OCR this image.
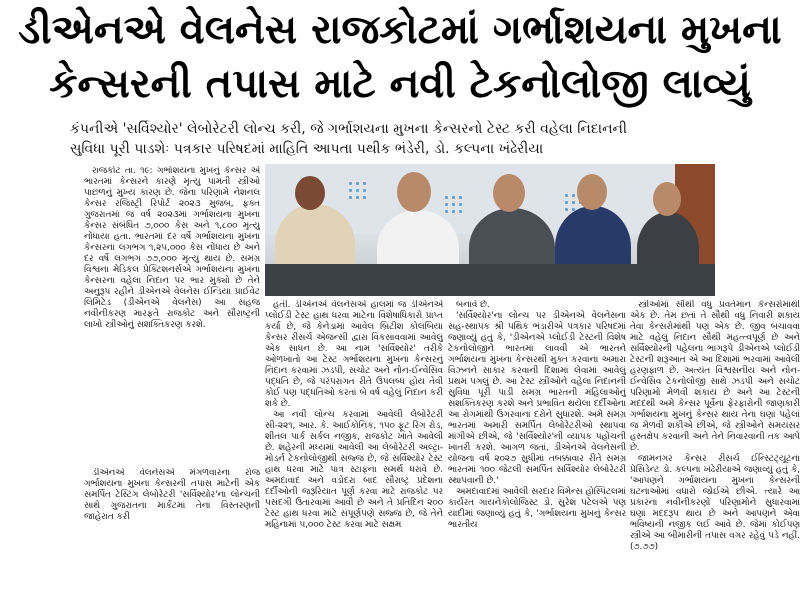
ડીએનએ વેલનેસ રાજકોટમાં ગર્ભાશયના મુખના
કેન્સરની તપાસ માટે નવી ટેકનોલોજી લાવ્યું
કંપનીએ 'સર્વિશ્યોર' લેબોરેટરી લોન્ચ કરી, જે ગર્ભાશયના મુખના કેન્સરનો ટેસ્ટ કરી વહેલા નિદાનની
સુવિધા પૂરી પાડશેઃ પત્રકાર પરિષદમાં માહિતિ આપતા પથીક ભંડેરી, ડો. કલ્પના ખંઢેરીયા

રાજકોટ તા. ૧૯: ગર્ભાશયના મુખનું કેન્સર એ ભારતમાં કેન્સરને કારણે મૃત્યુ પામતી સ્ત્રીઓ પાછળનું મુખ્ય કારણ છે. જેના પરિણામે નેશનલ કેન્સર રજિસ્ટ્રી રિપોર્ટ ૨૦૨૩ મુજબ, ફક્ત ગુજરાતમાં જ વર્ષ ૨૦૨૩માં ગર્ભાશયના મુખના કેન્સર સંબંધિત ૭,૦૦૦ કેસ અને ૧,૮૦૦ મૃત્યુ નોંધાયા હતા. ભારતમાં દર વર્ષે ગર્ભાશયના મુખના કેન્સરના લગભગ ૧,૨૫,૦૦૦ કેસ નોંધાય છે અને દર વર્ષે લગભગ ૭૭,૦૦૦ મૃત્યુ થાય છે. સમગ્ર વિશ્વના મેડિકલ પ્રેક્ટિશનર્સએ ગર્ભાશયના મુખના કેન્સરના વહેલા નિદાન પર ભાર મુક્યો છે તેને અનુરૂપ રહીને ડીએનએ વેલનેસ ઈન્ડિયા પ્રાઈવેટ લિમિટેડ (ડીએનએ વેલનેસ) આ સહજ નવીનીકરણ મારફતે રાજકોટ અને સૌરાષ્ટ્રની લાખો સ્ત્રીઓનું સશક્તિકરણ કરશે.

ડીએનએ વેલનેસએ મંગળવારના રોજ ગર્ભાશયના મુખના કેન્સરની તપાસ માટેની એક સમર્પિત ટેસ્ટિંગ લેબોરેટરી 'સર્વિશ્યોર'ના લોન્ચની સાથે ગુજરાતના માર્કેટમાં તેના વિસ્તરણની જાહેરાત કરી

હતી. ડીએનએ વેલનેસએ હાલમાં જ ડીએનએ પ્લોઈડી ટેસ્ટ હાથ ધરવા માટેના વિશેષાધિકારો પ્રાપ્ત કર્યા છે, જે કેનેડામાં આવેલ બ્રિટીશ કોલંબિયા કેન્સર રીસર્ચ એજન્સી દ્વારા વિકસાવવામાં આવેલું એક સાધન છે. આ નામ 'સર્વિશ્યોર' તરીકે ઓળખાતો આ ટેસ્ટ ગર્ભાશયના મુખના કેન્સરનું નિદાન કરવામાં ઝડપી, સચોટ અને નોન-ઈન્વેસિવ પદ્ધતિ છે, જે પરંપરાગત રીતે ઉપલબ્ધ હોય તેવી કોઈ પણ પદ્ધતિઓ કરતાં બે વર્ષ વહેલું નિદાન કરી શકે છે.

આ નવી લોન્ચ કરવામાં આવેલી લેબોરેટરી સી-૨૨૧, આર. કે. આઈકોનિક, ૧૫૦ ફૂટ રિંગ રોડ, શીતલ પાર્ક સર્કલ નજીક, રાજકોટ ખાતે આવેલી છે. શહેરની મધ્યમાં આવેલી આ લેબોરેટરી અલ્ટ્રા-મોડર્ન ટેકનોલોજીથી સજ્જ છે, જે સર્વિશ્યોર ટેસ્ટ હાથ ધરવા માટે પાત્ર સ્ટાફના સમર્થ ધરાવે છે. અમદાવાદ અને વડોદરા બાદ સૌરાષ્ટ્ર પ્રદેશના દર્દીઓની જરૂરિયાત પૂર્ણ કરવા માટે રાજકોટ પર પસંદગી ઉતારવામાં આવી છે અને તે પ્રતિદિન ૨૦૦ ટેસ્ટ હાથ ધરવા માટે સંપૂર્ણપણે સજ્જ છે, જે તેને મહિનામાં ૫,૦૦૦ ટેસ્ટ કરવા માટે સક્ષમ

બનાવે છે.

'સર્વિશ્યોર'ના લોન્ચ પર ડીએનએ વેલનેસના સહ-સ્થાપક શ્રી પથિક ભંડારીએ પત્રકાર પરિષદમાં જણાવ્યું હતું કે, 'ડીએનએ પ્લોઈડી ટેસ્ટની વિશેષ ટેકનોલોજીને ભારતમાં લાવવી એ ભારતને ગર્ભાશયના મુખના કેન્સરથી મુક્ત કરવાના અમારા વિઝનને સાકાર કરવાની દિશામાં લેવામાં આવેલું પ્રથમ પગલું છે. આ ટેસ્ટ સ્ત્રીઓને વહેલા નિદાનની સુવિધા પૂરી પાડી સમગ્ર ભારતની મહિલાઓનું સશક્તિકરણ કરશે અને પ્રભાવિત થયેલા દર્દીઓના આ રોગમાંથી ઉગરવાના દરોને સુધારશે. અમે સમગ્ર ભારતમાં અમારી સમર્પિત લેબોરેટરીઓ સ્થાપવા માંગીએ છીએ, જે 'સર્વિશ્યોર'ની વ્યાપક પહોંચની ખાતરી કરશે. આગળ જતાં, ડીએનએ વેલનેસની યોજના વર્ષ ૨૦૨૭ સુધીમાં તબક્કાવાર રીતે સમગ્ર ભારતમાં ૧૦૦ જેટલી સમર્પિત સર્વિશ્યોર લેબોરેટરી સ્થાપવાની છે.'

અમદાવાદમાં આવેલી સરદાર વિમેન્સ હોસ્પિટલમાં કાર્યરત ગાયનેકોલોજિસ્ટ ડો. સુરેશ પટેલએ પણ યાદીમાં જણાવ્યું હતું કે, 'ગર્ભાશયના મુખનું કેન્સર ભારતીય

સ્ત્રીઓમાં સૌથી વધુ પ્રવર્તમાન કેન્સરોમાંથી એક છે. તેમ છતાં તે સૌથી વધુ નિવારી શકાય તેવા કેન્સરોમાંથી પણ એક છે. જીવ બચાવવા માટે વહેલું નિદાન સૌથી મહત્ત્વપૂર્ણ છે અને સર્વિશ્યોરની પહેલના ભાગરૂપે ડીએનએ પ્લોઈડી ટેસ્ટની શરૂઆત એ આ દિશામાં ભરવામાં આવેલી હરણફાળ છે. અત્યંત વિશ્વસનીય અને નોન-ઈન્વેસિવ ટેકનોલોજી સાથે ઝડપી અને સચોટ પરિણામો મેળવી શકાય છે અને આ ટેસ્ટની મદદથી અમે કેન્સર પૂર્વેના ફેરફારોની જાણકારી ગર્ભાશયના મુખનું કેન્સર થાય તેના ઘણાં પહેલાં જ મેળવી શકીએ છીએ, જે સ્ત્રીઓને સમયસર હસ્તક્ષેપ કરવાની અને તેને નિવારવાની તક આપે છે.

જામનગર કેન્સર રીસર્ચ ઈન્સ્ટિટ્યૂટના પ્રેસિડેન્ટ ડો. કલ્પના ખંઢેરીયાએ જણાવ્યું હતું કે, 'આપણને ગર્ભાશયના મુખના કેન્સરની ઘટનાઓમાં વધારો જોઈએ છીએ. ત્યારે આ પ્રકારના નવીનીકરણો પરિણામોને સુધારવામાં ઘણાં મદદરૂપ થાય છે અને આપણને એવા ભવિષ્યની નજીક લઈ આવે છે. જેમાં કોઈપણ સ્ત્રીએ આ બીમારીની તપાસ વગર રહેવું પડે નહીં. (૭.૭૭)
